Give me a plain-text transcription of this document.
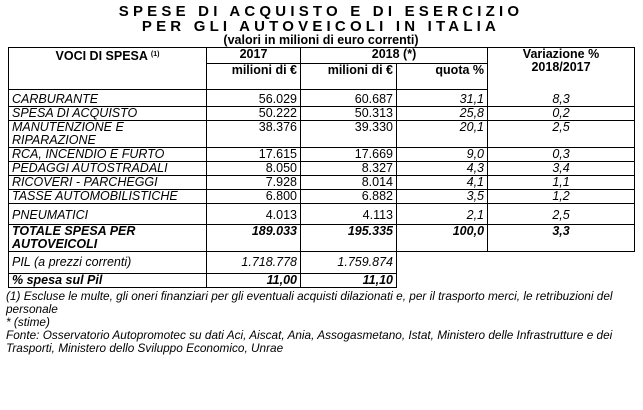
SPESE DI ACQUISTO E DI ESERCIZIO
PER GLI AUTOVEICOLI IN ITALIA
(valori in milioni di euro correnti)
VOCI DI SPESA $^{(1)}$	2017	2018 (*)		Variazione %
2018/2017

	milioni di €	milioni di €	quota %	
CARBURANTE	56.029	60.687	31,1	8,3
SPESA DI ACQUISTO	50.222	50.313	25,8	0,2

MANUTENZIONE E
RIPARAZIONE	38.376	39.330	20,1	2,5
RCA, INCENDIO E FURTO	17.615	17.669	9,0	0,3
PEDAGGI AUTOSTRADALI	8.050	8.327	4,3	3,4
RICOVERI - PARCHEGGI	7.928	8.014	4,1	1,1
TASSE AUTOMOBILISTICHE	6.800	6.882	3,5	1,2
PNEUMATICI	4.013	4.113	2,1	2,5

TOTALE SPESA PER
AUTOVEICOLI	189.033	195.335	100,0	3,3
PIL (a prezzi correnti)	1.718.778	1.759.874		
% spesa sul Pil	11,00	11,10		
(1) Escluse le multe, gli oneri finanziari per gli eventuali acquisti dilazionati e, per il trasporto merci, le retribuzioni del
personale
* (stime)
Fonte: Osservatorio Autopromotec su dati Aci, Aiscat, Ania, Assogasmetano, Istat, Ministero delle Infrastrutture e dei
Trasporti, Ministero dello Sviluppo Economico, Unrae
